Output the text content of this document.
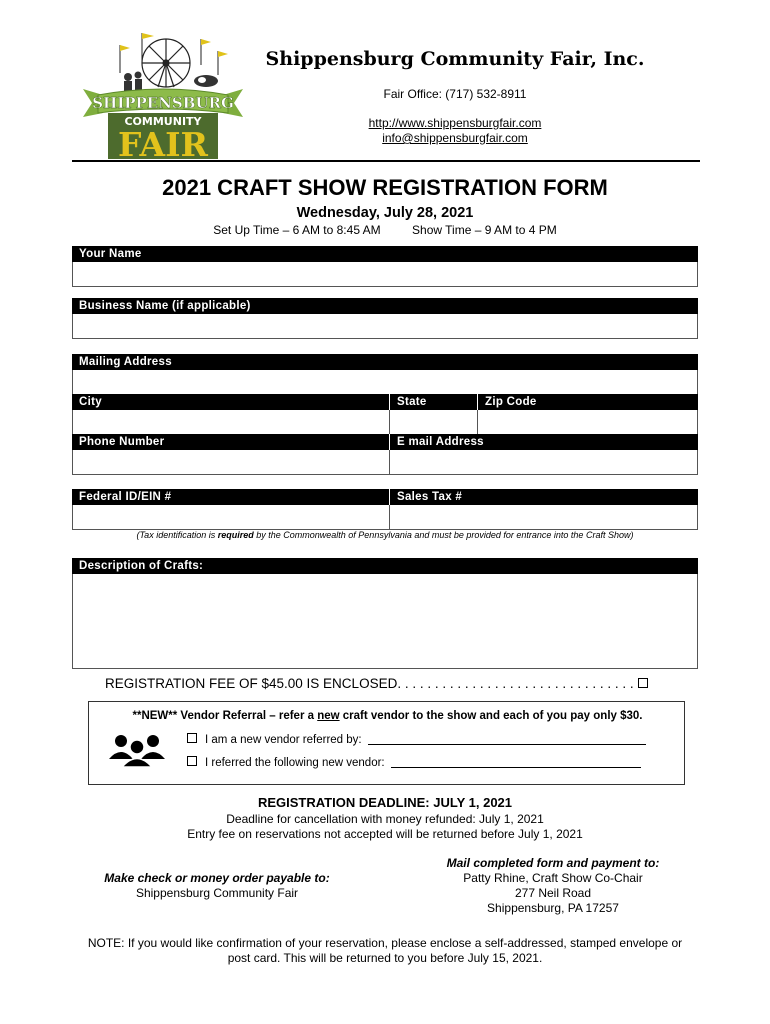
SHIPPENSBURG
COMMUNITY
FAIR
Shippensburg Community Fair, Inc.
Fair Office: (717) 532-8911
http://www.shippensburgfair.com
info@shippensburgfair.com
2021 CRAFT SHOW REGISTRATION FORM
Wednesday, July 28, 2021
Set Up Time – 6 AM to 8:45 AM	Show Time – 9 AM to 4 PM
Your Name
Business Name (if applicable)
Mailing Address
City	State	Zip Code
Phone Number	E mail Address
Federal ID/EIN #	Sales Tax #
(Tax identification is required by the Commonwealth of Pennsylvania and must be provided for entrance into the Craft Show)
Description of Crafts:
REGISTRATION FEE OF $45.00 IS ENCLOSED. . . . . . . . . . . . . . . . . . . . . . . . . . . . . . . .
**NEW** Vendor Referral – refer a new craft vendor to the show and each of you pay only $30.
I am a new vendor referred by:
I referred the following new vendor:
REGISTRATION DEADLINE: JULY 1, 2021
Deadline for cancellation with money refunded: July 1, 2021
Entry fee on reservations not accepted will be returned before July 1, 2021
Make check or money order payable to:
Shippensburg Community Fair
Mail completed form and payment to:
Patty Rhine, Craft Show Co-Chair
277 Neil Road
Shippensburg, PA 17257
NOTE: If you would like confirmation of your reservation, please enclose a self-addressed, stamped envelope or post card. This will be returned to you before July 15, 2021.
